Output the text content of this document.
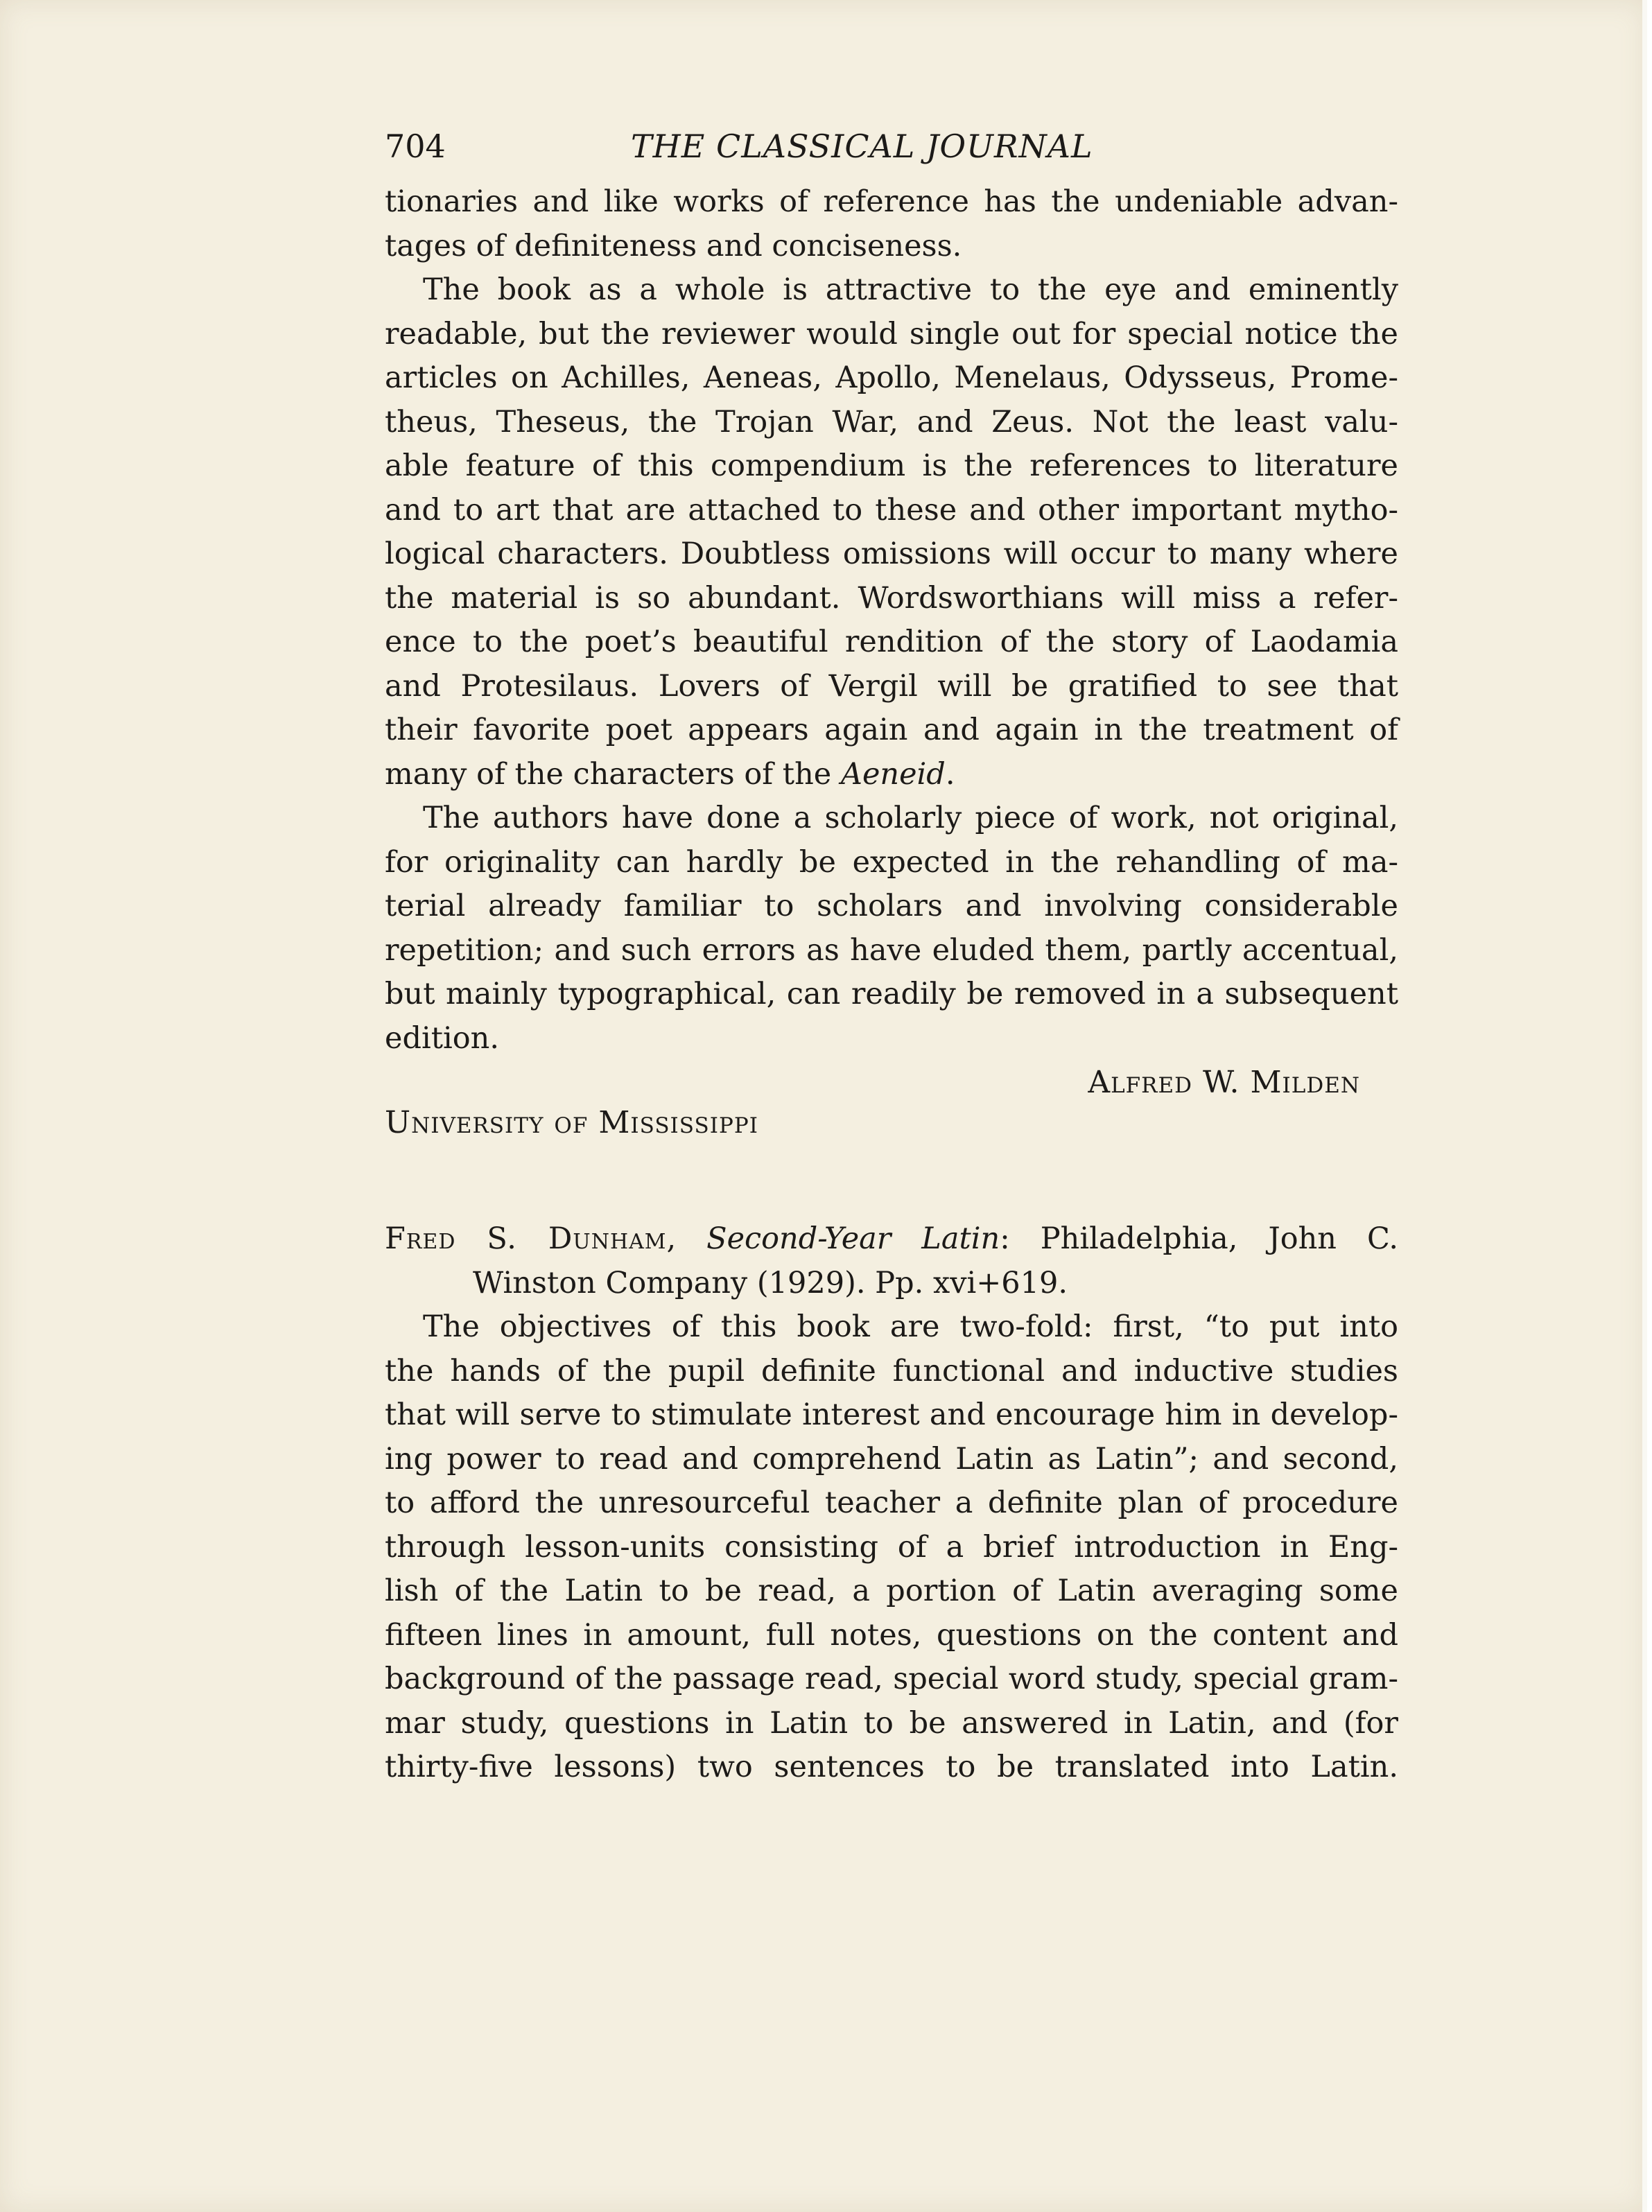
704	THE CLASSICAL JOURNAL
tionaries and like works of reference has the undeniable advan-
tages of definiteness and conciseness.
The book as a whole is attractive to the eye and eminently
readable, but the reviewer would single out for special notice the
articles on Achilles, Aeneas, Apollo, Menelaus, Odysseus, Prome-
theus, Theseus, the Trojan War, and Zeus. Not the least valu-
able feature of this compendium is the references to literature
and to art that are attached to these and other important mytho-
logical characters. Doubtless omissions will occur to many where
the material is so abundant. Wordsworthians will miss a refer-
ence to the poet’s beautiful rendition of the story of Laodamia
and Protesilaus. Lovers of Vergil will be gratified to see that
their favorite poet appears again and again in the treatment of
many of the characters of the Aeneid.
The authors have done a scholarly piece of work, not original,
for originality can hardly be expected in the rehandling of ma-
terial already familiar to scholars and involving considerable
repetition; and such errors as have eluded them, partly accentual,
but mainly typographical, can readily be removed in a subsequent
edition.
Alfred W. Milden
University of Mississippi
Fred S. Dunham, Second-Year Latin: Philadelphia, John C.
Winston Company (1929). Pp. xvi+619.
The objectives of this book are two-fold: first, “to put into
the hands of the pupil definite functional and inductive studies
that will serve to stimulate interest and encourage him in develop-
ing power to read and comprehend Latin as Latin”; and second,
to afford the unresourceful teacher a definite plan of procedure
through lesson-units consisting of a brief introduction in Eng-
lish of the Latin to be read, a portion of Latin averaging some
fifteen lines in amount, full notes, questions on the content and
background of the passage read, special word study, special gram-
mar study, questions in Latin to be answered in Latin, and (for
thirty-five lessons) two sentences to be translated into Latin.
